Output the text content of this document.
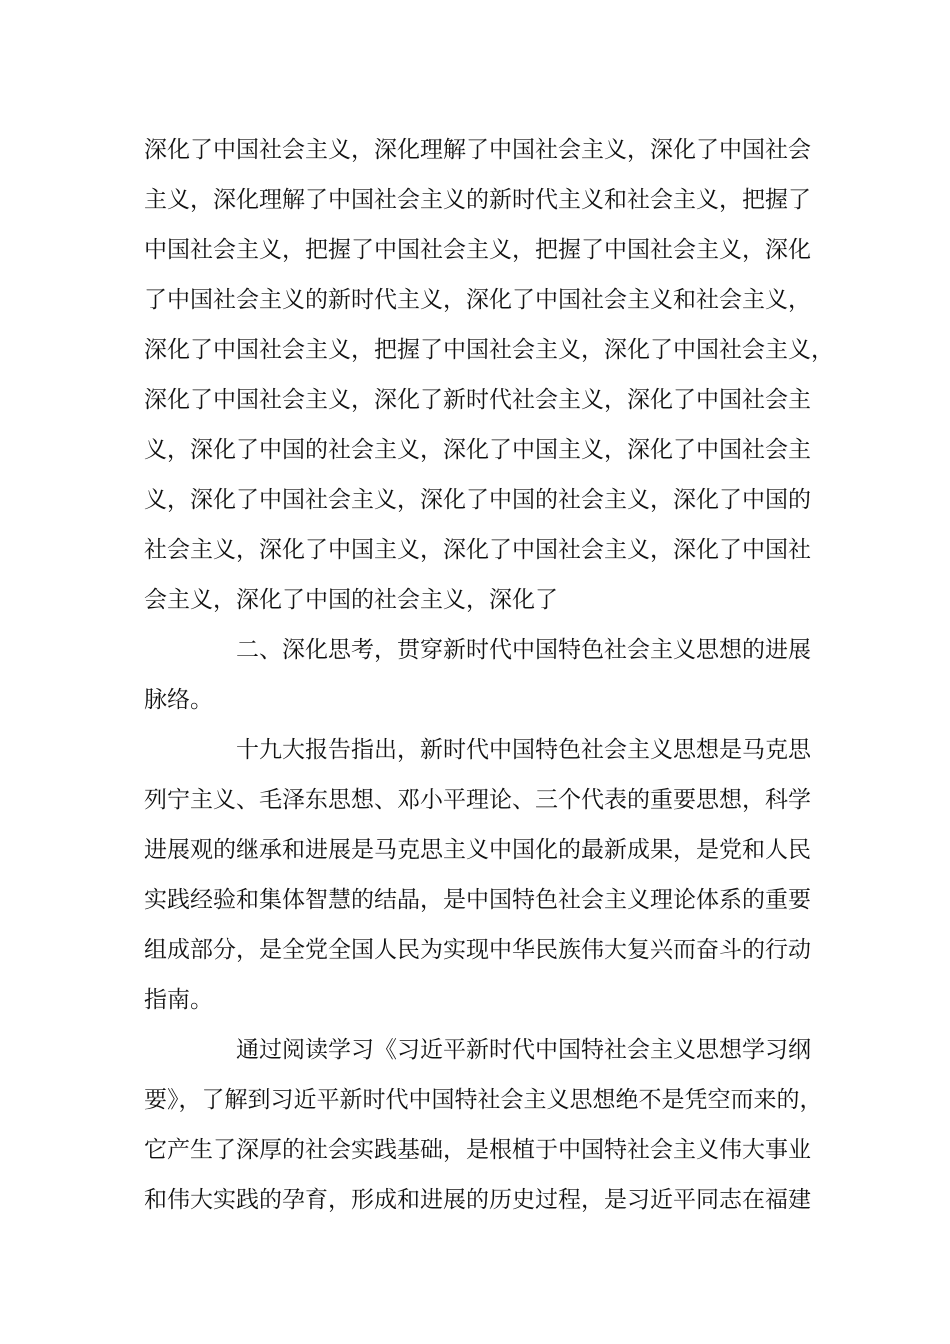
深化了中国社会主义，深化理解了中国社会主义，深化了中国社会
主义，深化理解了中国社会主义的新时代主义和社会主义，把握了
中国社会主义，把握了中国社会主义，把握了中国社会主义，深化
了中国社会主义的新时代主义，深化了中国社会主义和社会主义，
深化了中国社会主义，把握了中国社会主义，深化了中国社会主义，
深化了中国社会主义，深化了新时代社会主义，深化了中国社会主
义，深化了中国的社会主义，深化了中国主义，深化了中国社会主
义，深化了中国社会主义，深化了中国的社会主义，深化了中国的
社会主义，深化了中国主义，深化了中国社会主义，深化了中国社
会主义，深化了中国的社会主义，深化了
二、深化思考，贯穿新时代中国特色社会主义思想的进展
脉络。
十九大报告指出，新时代中国特色社会主义思想是马克思
列宁主义、毛泽东思想、邓小平理论、三个代表的重要思想，科学
进展观的继承和进展是马克思主义中国化的最新成果，是党和人民
实践经验和集体智慧的结晶，是中国特色社会主义理论体系的重要
组成部分，是全党全国人民为实现中华民族伟大复兴而奋斗的行动
指南。
通过阅读学习《习近平新时代中国特社会主义思想学习纲
要》，了解到习近平新时代中国特社会主义思想绝不是凭空而来的，
它产生了深厚的社会实践基础，是根植于中国特社会主义伟大事业
和伟大实践的孕育，形成和进展的历史过程，是习近平同志在福建
